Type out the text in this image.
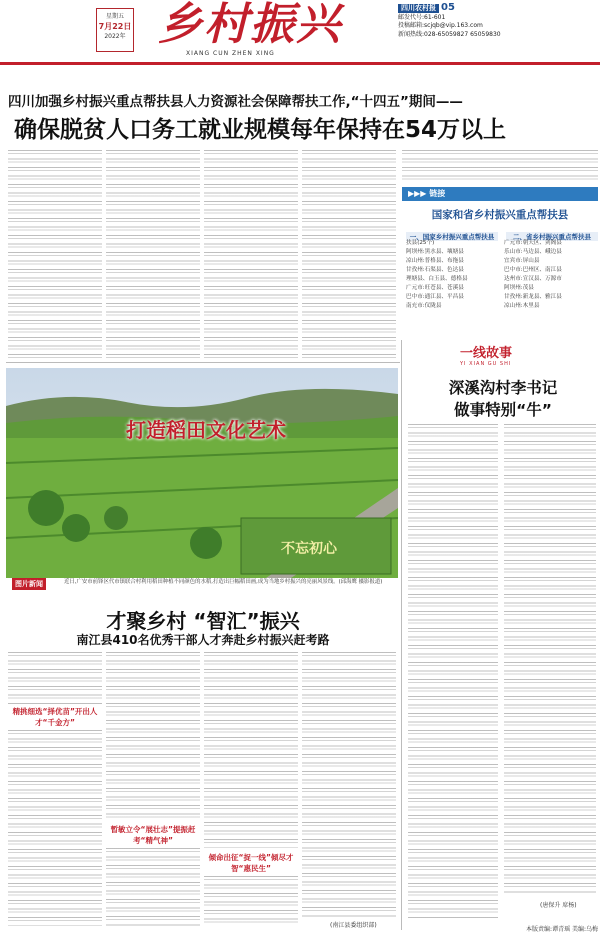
星期五
7月22日
2022年 乡村振兴
XIANG CUN ZHEN XING
四川农村报 05
邮发代号:61-601
投稿邮箱:scjqb@vip.163.com
新闻热线:028-65059827 65059830
四川加强乡村振兴重点帮扶县人力资源社会保障帮扶工作,“十四五”期间——
确保脱贫人口务工就业规模每年保持在54万以上
▶▶▶ 链接
国家和省乡村振兴重点帮扶县
一、国家乡村振兴重点帮扶县	二、省乡村振兴重点帮扶县
扶县(25个)
阿坝州:黑水县、壤塘县
凉山州:普格县、布拖县
甘孜州:石渠县、色达县
理塘县、白玉县、德格县
广元市:旺苍县、苍溪县
巴中市:通江县、平昌县
南充市:仪陇县
广元市:朝天区、剑阁县
乐山市:马边县、峨边县
宜宾市:屏山县
巴中市:巴州区、南江县
达州市:宣汉县、万源市
阿坝州:茂县
甘孜州:新龙县、雅江县
凉山州:木里县
打造稻田文化艺术
不忘初心
图片新闻	近日,广安市前锋区代市镇联合村利用稻田种植不同颜色的水稻,打造出巨幅稻田画,成为当地乡村振兴的亮丽风景线。(邱海鹰 摄影报道)
才聚乡村 “智汇”振兴
南江县410名优秀干部人才奔赴乡村振兴赶考路
精挑细选“择优苗”开出人才“千金方”
暂敏立令“展壮志”提振赶考“精气神”
倾命出征“捉一线”倾尽才智“惠民生”
(南江县委组织部)
一线故事
YI XIAN GU SHI
深溪沟村李书记
做事特别“牛”
(唐保升 席杨)
本版责编:谭青瑶 美编:乌梅
